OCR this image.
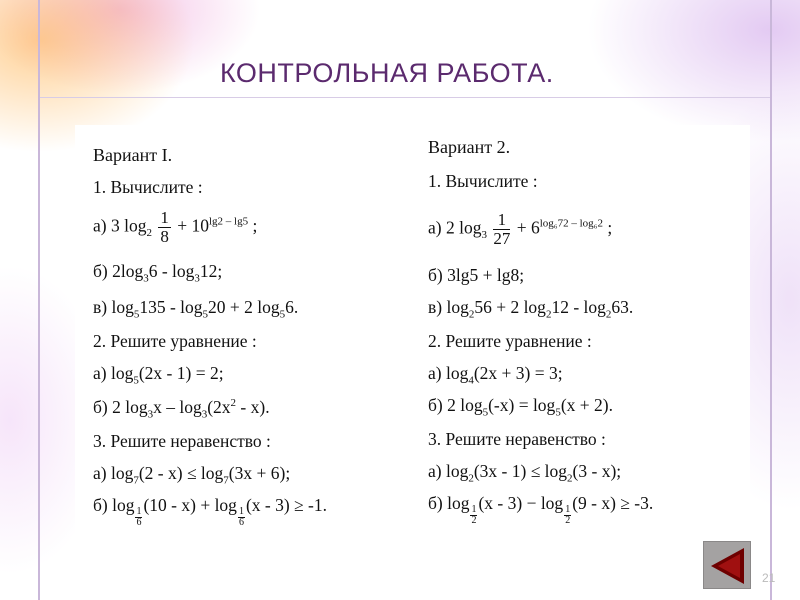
КОНТРОЛЬНАЯ РАБОТА.
Вариант I.
1. Вычислите :
а) 3 $\log_2 \frac{1}{8} + 10^{lg2 - lg5}$ ;
б) $2\log_36 - \log_312$;
в) $\log_5135 - \log_520 + 2$ $\log_56$.
2. Решите уравнение :
а) $\log_5(2x - 1) = 2$;
б) 2 $\log_3x - \log_3(2x^2 - x)$.
3. Решите неравенство :
а) $\log_7(2 - x) \le \log_7(3x + 6)$;
б) log
$\frac{1}{6}$
(10 - x) + log
$\frac{1}{6}$
(x - 3) ≥ -1.
Вариант 2.
1. Вычислите :
а) 2 $\log_3 \frac{1}{27} + 6^{log_672 - log_62}$ ;
б) 3lg5 + lg8;
в) $\log_256 + 2$ $\log_212 - \log_263$.
2. Решите уравнение :
а) $\log_4(2x + 3) = 3$;
б) 2 $\log_5(-x) = \log_5(x + 2)$.
3. Решите неравенство :
а) $\log_2(3x - 1) \le \log_2(3 - x)$;
б) log
$\frac{1}{2}$
(x - 3) − log
$\frac{1}{2}$
(9 - x) ≥ -3.
21
